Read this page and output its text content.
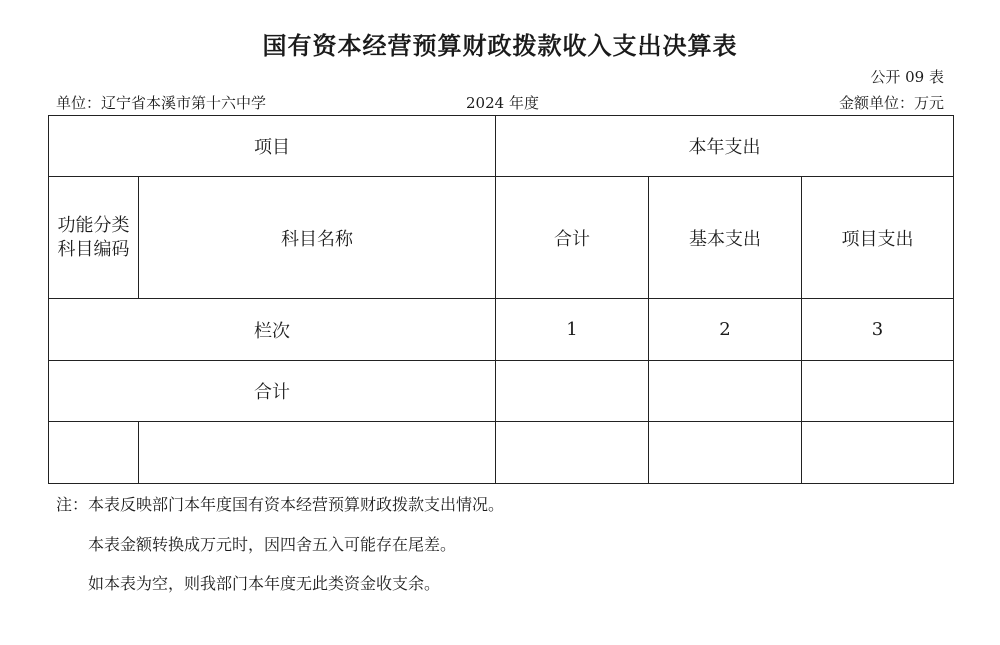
国有资本经营预算财政拨款收入支出决算表
公开 09 表
单位：辽宁省本溪市第十六中学	2024 年度	金额单位：万元
项目		本年支出		

功能分类
科目编码	科目名称	合计	基本支出	项目支出
栏次		1	2	3
合计				

注：本表反映部门本年度国有资本经营预算财政拨款支出情况。
本表金额转换成万元时，因四舍五入可能存在尾差。
如本表为空，则我部门本年度无此类资金收支余。
